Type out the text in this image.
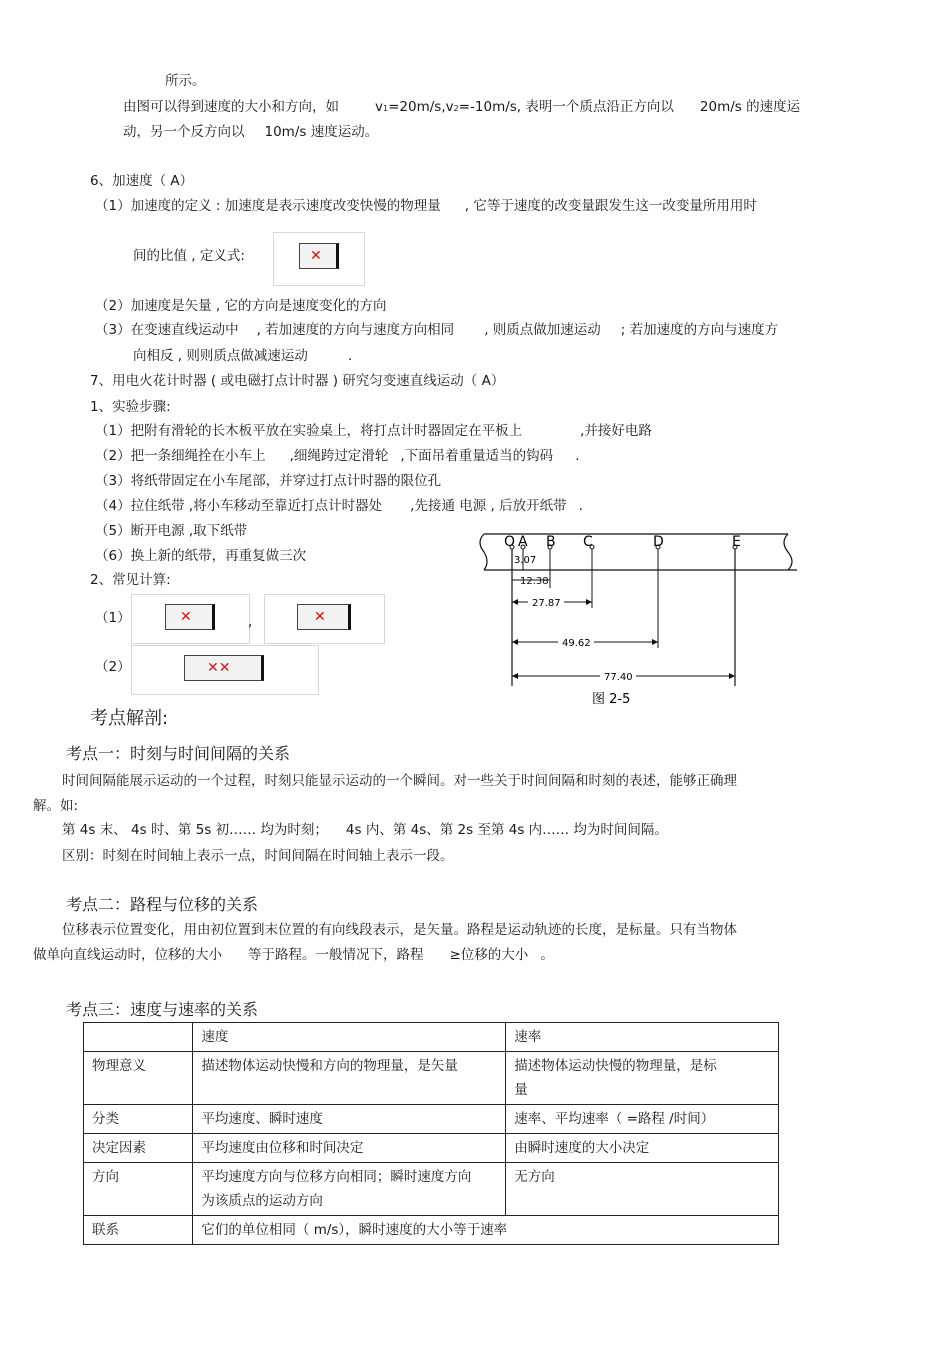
所示。
由图可以得到速度的大小和方向，如	v1=20m/s,v2=-10m/s, 表明一个质点沿正方向以 20m/s 的速度运
动，另一个反方向以 10m/s 速度运动。
6、加速度（ A）
（1）加速度的定义 : 加速度是表示速度改变快慢的物理量 , 它等于速度的改变量跟发生这一改变量所用用时
间的比值 , 定义式:	✕
（2）加速度是矢量 , 它的方向是速度变化的方向
（3）在变速直线运动中 , 若加速度的方向与速度方向相同 , 则质点做加速运动 ; 若加速度的方向与速度方
向相反 , 则则质点做减速运动	.
7、用电火花计时器 ( 或电磁打点计时器 ) 研究匀变速直线运动（ A）
1、实验步骤:
（1）把附有滑轮的长木板平放在实验桌上，将打点计时器固定在平板上	,并接好电路
（2）把一条细绳拴在小车上 ,细绳跨过定滑轮 ,下面吊着重量适当的钩码 .
（3）将纸带固定在小车尾部，并穿过打点计时器的限位孔
（4）拉住纸带 ,将小车移动至靠近打点计时器处 ,先接通 电源 , 后放开纸带 .
（5）断开电源 ,取下纸带
（6）换上新的纸带，再重复做三次
2、常见计算:
（1）	✕	,	✕
（2）	✕✕
O A B C	D	E
3.07
12.38
27.87
49.62
77.40
图 2-5
考点解剖:
考点一：时刻与时间间隔的关系
时间间隔能展示运动的一个过程，时刻只能显示运动的一个瞬间。对一些关于时间间隔和时刻的表述，能够正确理
解。如:
第 4s 末、 4s 时、第 5s 初…… 均为时刻； 4s 内、第 4s、第 2s 至第 4s 内…… 均为时间间隔。
区别：时刻在时间轴上表示一点，时间间隔在时间轴上表示一段。
考点二：路程与位移的关系
位移表示位置变化，用由初位置到末位置的有向线段表示，是矢量。路程是运动轨迹的长度，是标量。只有当物体
做单向直线运动时，位移的大小 等于路程。一般情况下，路程 ≥位移的大小 。
考点三：速度与速率的关系
	速度	速率
物理意义	描述物体运动快慢和方向的物理量，是矢量	描述物体运动快慢的物理量，是标量

分类	平均速度、瞬时速度	速率、平均速率（ =路程 /时间）
决定因素	平均速度由位移和时间决定	由瞬时速度的大小决定
方向	平均速度方向与位移方向相同；瞬时速度方向为该质点的运动方向	无方向
联系	它们的单位相同（ m/s），瞬时速度的大小等于速率	
